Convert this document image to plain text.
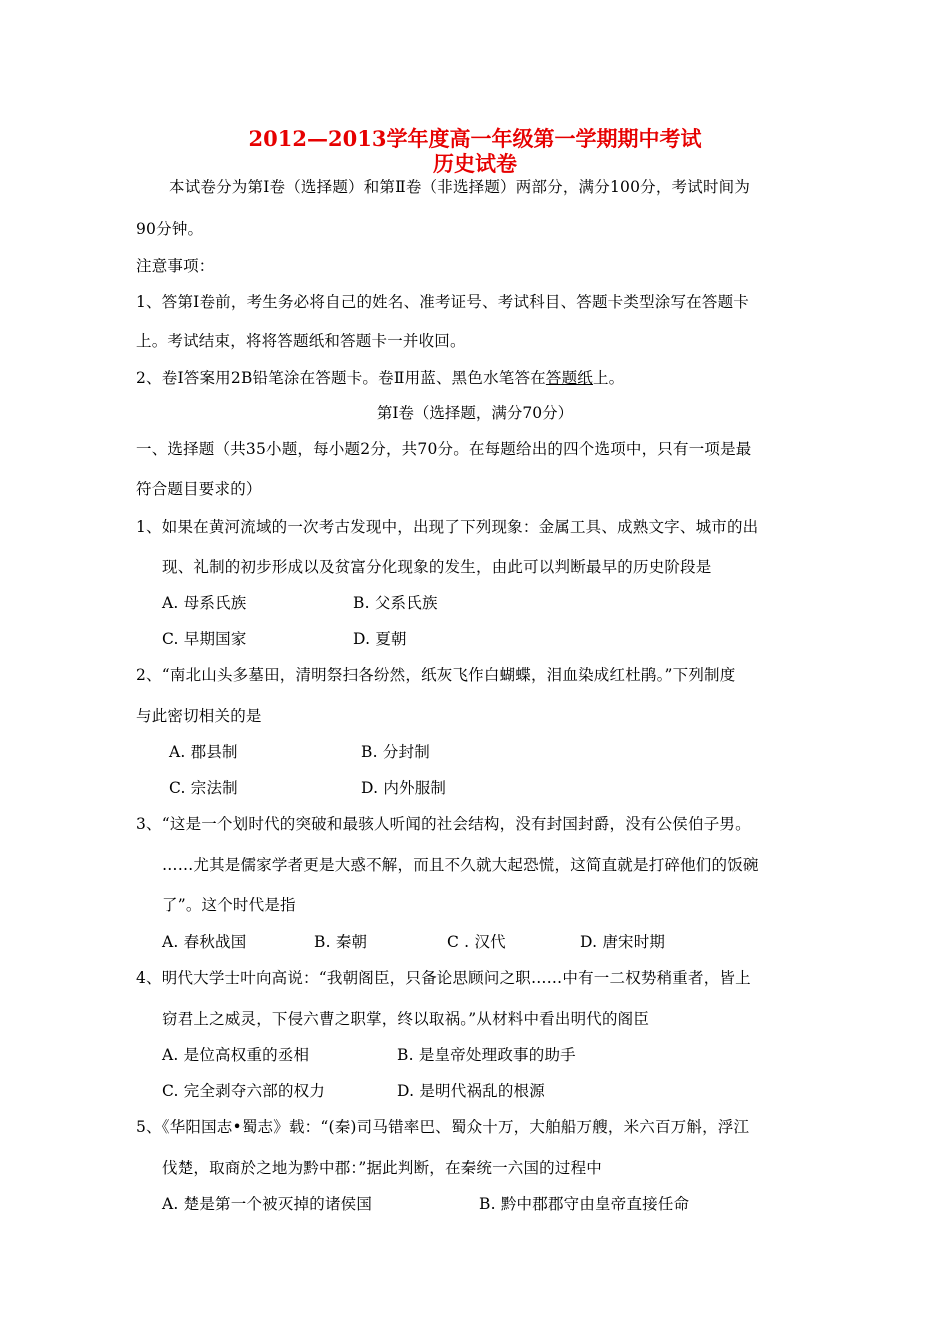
2012—2013学年度高一年级第一学期期中考试
历史试卷
本试卷分为第Ⅰ卷（选择题）和第Ⅱ卷（非选择题）两部分，满分100分，考试时间为
90分钟。
注意事项：
1、答第Ⅰ卷前，考生务必将自己的姓名、准考证号、考试科目、答题卡类型涂写在答题卡
上。考试结束，将将答题纸和答题卡一并收回。
2、卷Ⅰ答案用2B铅笔涂在答题卡。卷Ⅱ用蓝、黑色水笔答在答题纸上。
第Ⅰ卷（选择题，满分70分）
一、选择题（共35小题，每小题2分，共70分。在每题给出的四个选项中，只有一项是最
符合题目要求的）
1、如果在黄河流域的一次考古发现中，出现了下列现象：金属工具、成熟文字、城市的出
现、礼制的初步形成以及贫富分化现象的发生，由此可以判断最早的历史阶段是
A. 母系氏族	B. 父系氏族
C. 早期国家	D. 夏朝
2、“南北山头多墓田，清明祭扫各纷然，纸灰飞作白蝴蝶，泪血染成红杜鹃。”下列制度
与此密切相关的是
A. 郡县制	B. 分封制
C. 宗法制	D. 内外服制
3、“这是一个划时代的突破和最骇人听闻的社会结构，没有封国封爵，没有公侯伯子男。
……尤其是儒家学者更是大惑不解，而且不久就大起恐慌，这简直就是打碎他们的饭碗
了”。这个时代是指
A. 春秋战国	B. 秦朝	C . 汉代	D. 唐宋时期
4、明代大学士叶向高说：“我朝阁臣，只备论思顾问之职……中有一二权势稍重者，皆上
窃君上之威灵，下侵六曹之职掌，终以取祸。”从材料中看出明代的阁臣
A. 是位高权重的丞相	B. 是皇帝处理政事的助手
C. 完全剥夺六部的权力	D. 是明代祸乱的根源
5、《华阳国志•蜀志》载：“(秦)司马错率巴、蜀众十万，大舶船万艘，米六百万斛，浮江
伐楚，取商於之地为黔中郡：”据此判断，在秦统一六国的过程中
A. 楚是第一个被灭掉的诸侯国	B. 黔中郡郡守由皇帝直接任命
